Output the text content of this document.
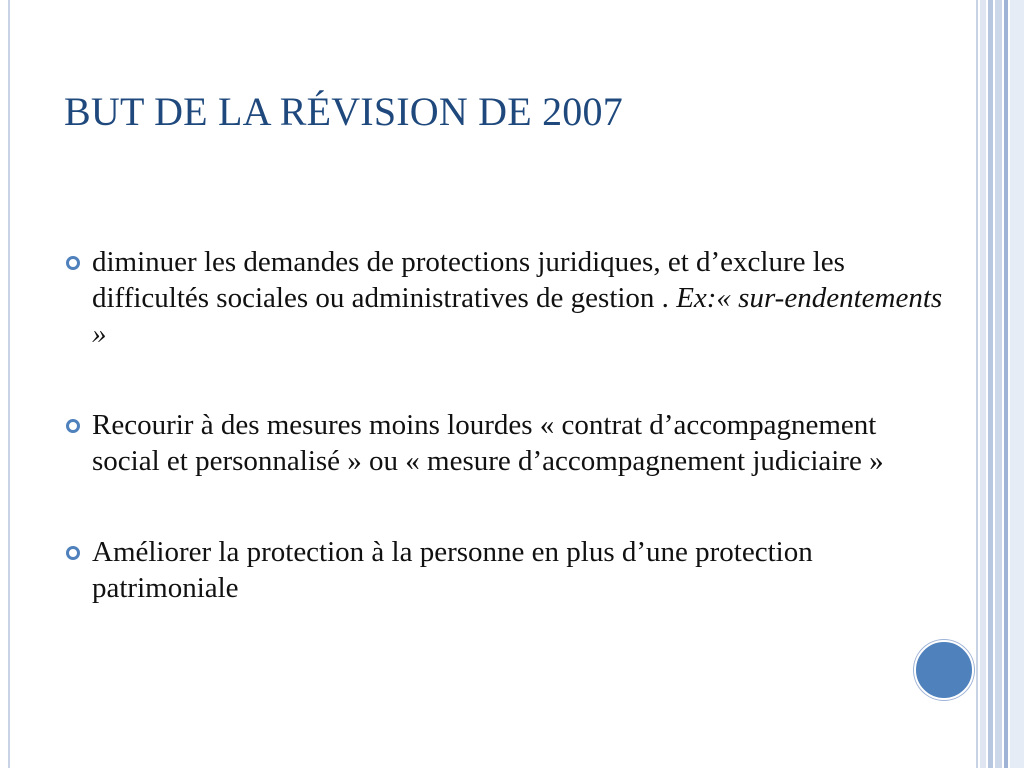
BUT DE LA RÉVISION DE 2007
diminuer les demandes de protections juridiques, et d’exclure les difficultés sociales ou administratives de gestion . Ex:« sur-endentements »
Recourir à des mesures moins lourdes « contrat d’accompagnement social et personnalisé » ou « mesure d’accompagnement judiciaire »
Améliorer la protection à la personne en plus d’une protection patrimoniale
